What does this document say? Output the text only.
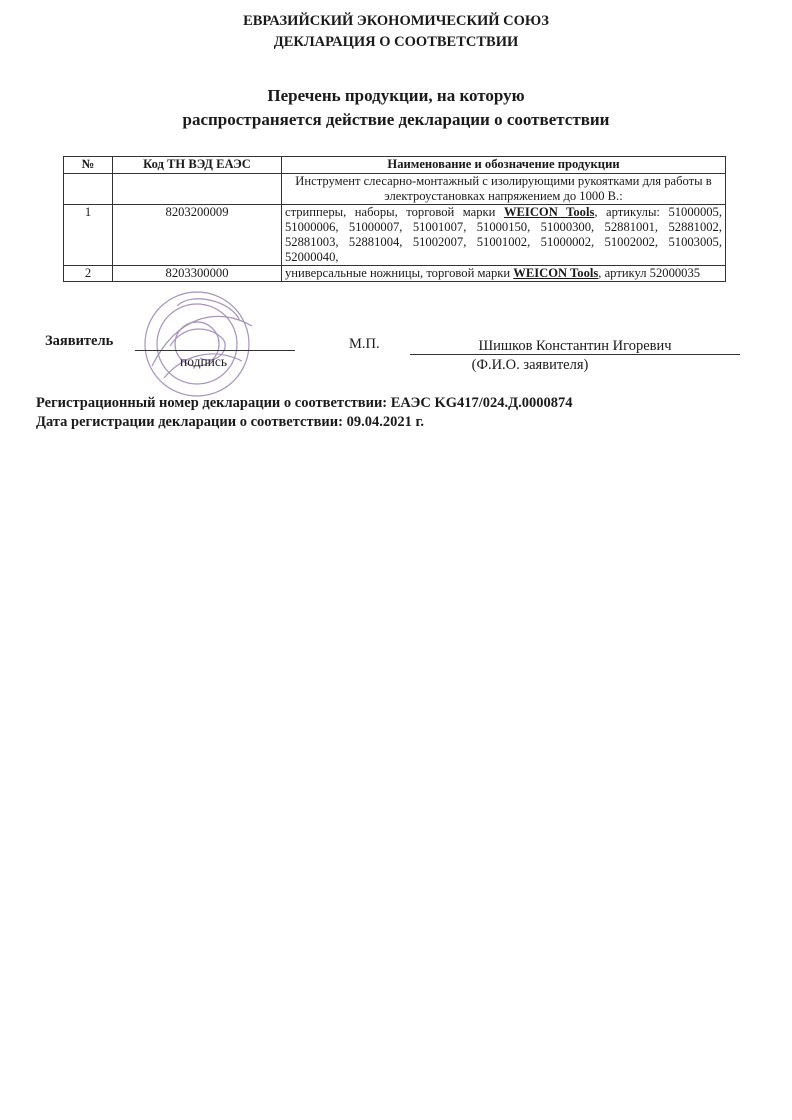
ЕВРАЗИЙСКИЙ ЭКОНОМИЧЕСКИЙ СОЮЗ
ДЕКЛАРАЦИЯ О СООТВЕТСТВИИ
Перечень продукции, на которую
распространяется действие декларации о соответствии
№	Код ТН ВЭД ЕАЭС	Наименование и обозначение продукции
		Инструмент слесарно-монтажный с изолирующими рукоятками для работы в электроустановках напряжением до 1000 В.:
1	8203200009	стрипперы, наборы, торговой марки WEICON Tools, артикулы: 51000005, 51000006, 51000007, 51001007, 51000150, 51000300, 52881001, 52881002, 52881003, 52881004, 51002007, 51001002, 51000002, 51002002, 51003005, 52000040,
2	8203300000	универсальные ножницы, торговой марки WEICON Tools, артикул 52000035
Заявитель
подпись
М.П.	Шишков Константин Игоревич
(Ф.И.О. заявителя)
Регистрационный номер декларации о соответствии: ЕАЭС KG417/024.Д.0000874
Дата регистрации декларации о соответствии: 09.04.2021 г.
